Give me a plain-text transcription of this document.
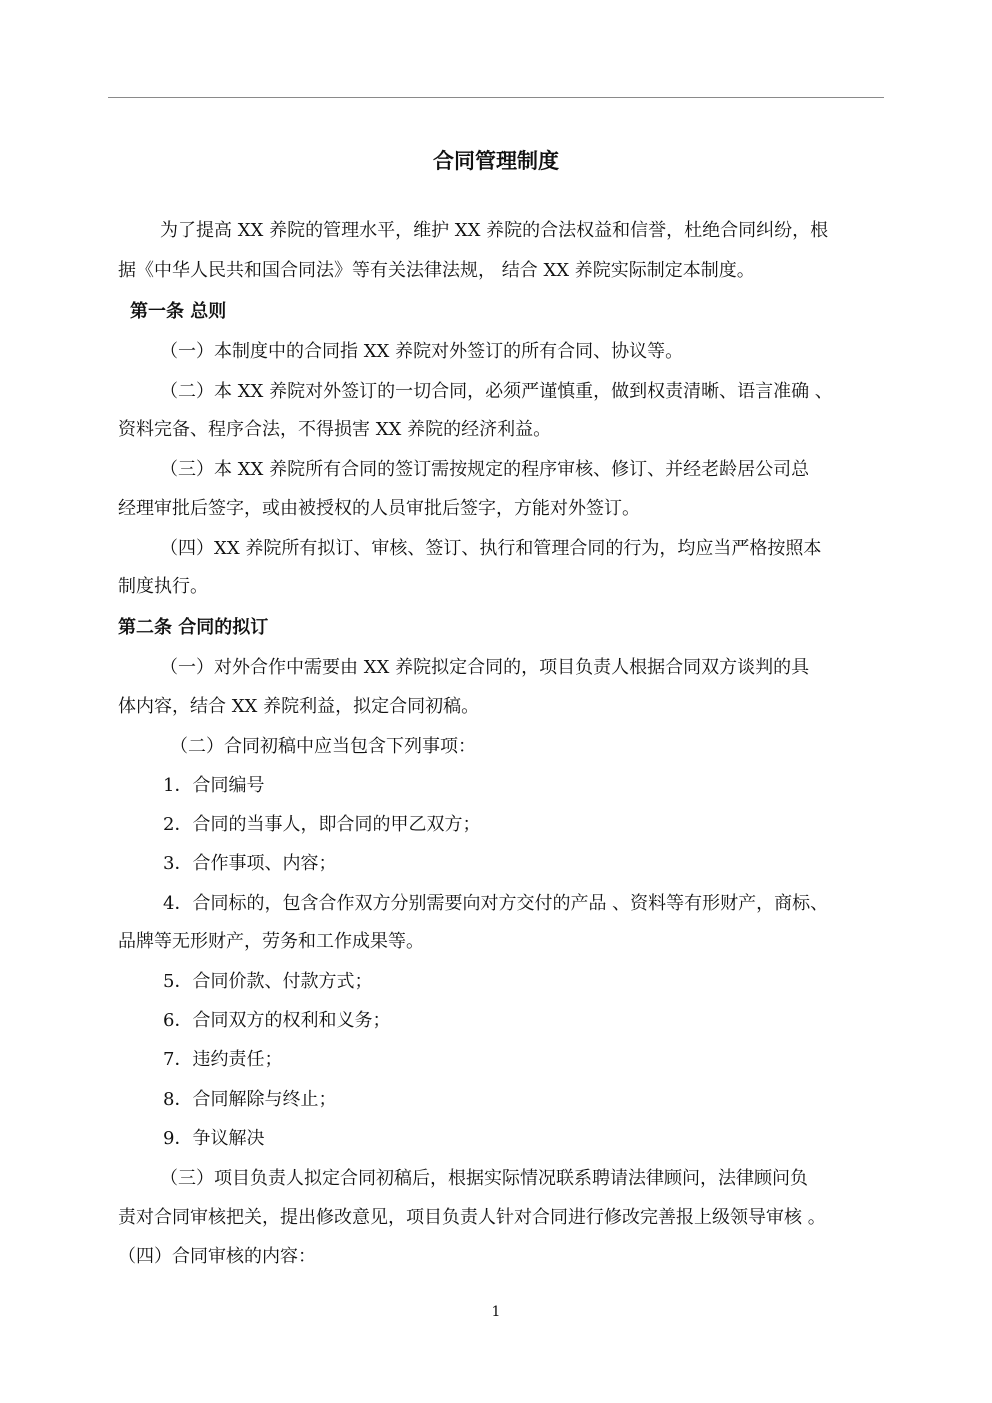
合同管理制度
为了提高 XX 养院的管理水平，维护 XX 养院的合法权益和信誉，杜绝合同纠纷，根
据《中华人民共和国合同法》等有关法律法规， 结合 XX 养院实际制定本制度。
第一条 总则
（一）本制度中的合同指 XX 养院对外签订的所有合同、协议等。
（二）本 XX 养院对外签订的一切合同，必须严谨慎重，做到权责清晰、语言准确 、
资料完备、程序合法，不得损害 XX 养院的经济利益。
（三）本 XX 养院所有合同的签订需按规定的程序审核、修订、并经老龄居公司总
经理审批后签字，或由被授权的人员审批后签字，方能对外签订。
（四）XX 养院所有拟订、审核、签订、执行和管理合同的行为，均应当严格按照本
制度执行。
第二条 合同的拟订
（一）对外合作中需要由 XX 养院拟定合同的，项目负责人根据合同双方谈判的具
体内容，结合 XX 养院利益，拟定合同初稿。
（二）合同初稿中应当包含下列事项：
1．合同编号
2．合同的当事人，即合同的甲乙双方；
3．合作事项、内容；
4．合同标的，包含合作双方分别需要向对方交付的产品 、资料等有形财产，商标、
品牌等无形财产，劳务和工作成果等。
5．合同价款、付款方式；
6．合同双方的权利和义务；
7．违约责任；
8．合同解除与终止；
9．争议解决
（三）项目负责人拟定合同初稿后，根据实际情况联系聘请法律顾问，法律顾问负
责对合同审核把关，提出修改意见，项目负责人针对合同进行修改完善报上级领导审核 。
（四）合同审核的内容：
1
